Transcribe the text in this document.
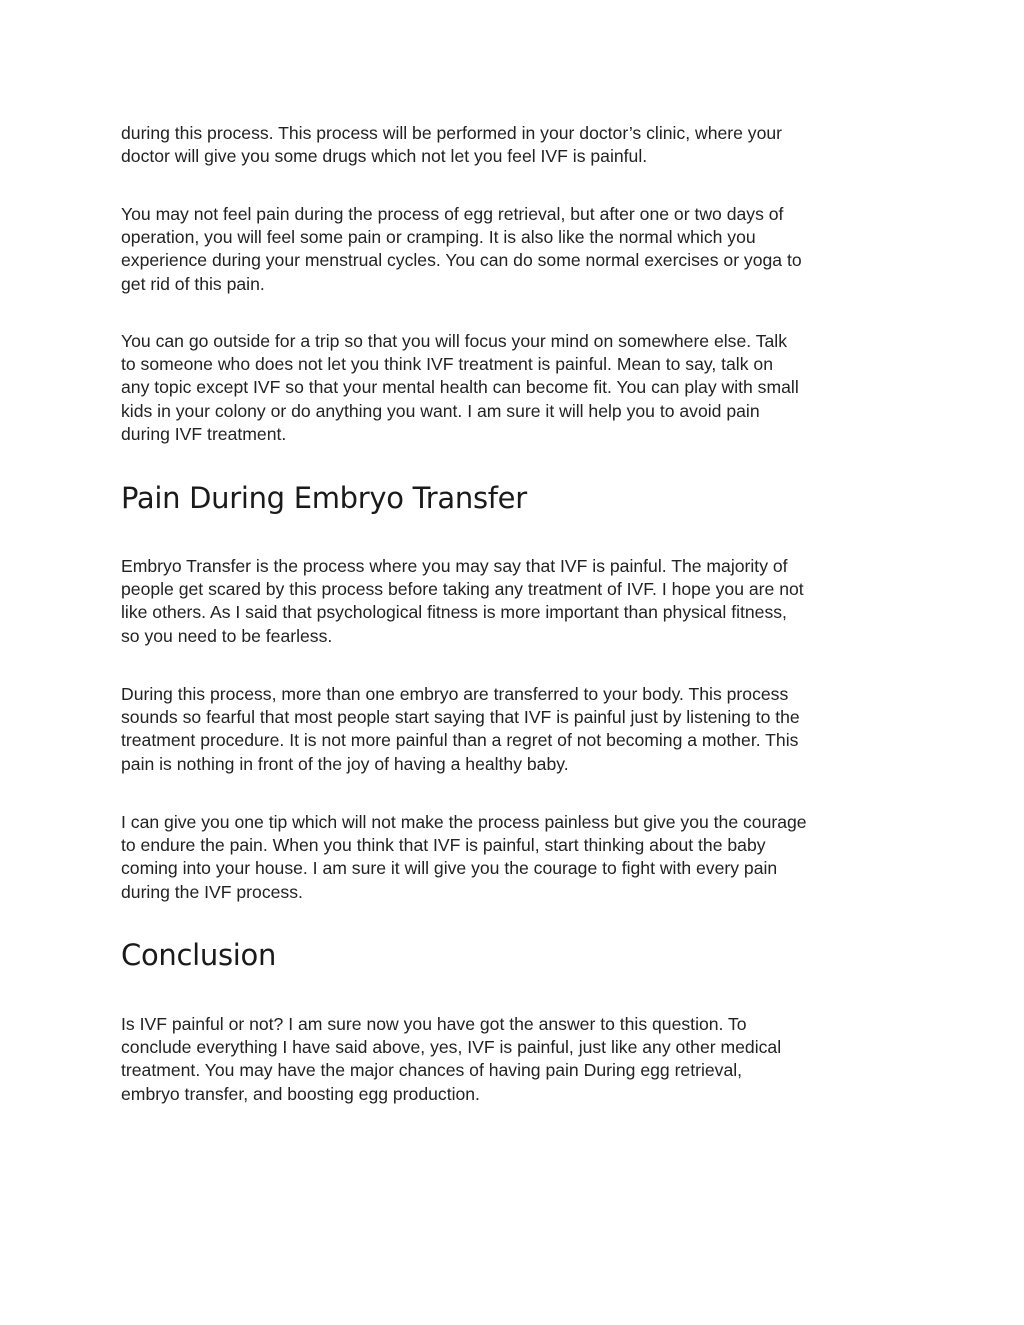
during this process. This process will be performed in your doctor’s clinic, where your
doctor will give you some drugs which not let you feel IVF is painful.

You may not feel pain during the process of egg retrieval, but after one or two days of
operation, you will feel some pain or cramping. It is also like the normal which you
experience during your menstrual cycles. You can do some normal exercises or yoga to
get rid of this pain.

You can go outside for a trip so that you will focus your mind on somewhere else. Talk
to someone who does not let you think IVF treatment is painful. Mean to say, talk on
any topic except IVF so that your mental health can become fit. You can play with small
kids in your colony or do anything you want. I am sure it will help you to avoid pain
during IVF treatment.

Pain During Embryo Transfer

Embryo Transfer is the process where you may say that IVF is painful. The majority of
people get scared by this process before taking any treatment of IVF. I hope you are not
like others. As I said that psychological fitness is more important than physical fitness,
so you need to be fearless.

During this process, more than one embryo are transferred to your body. This process
sounds so fearful that most people start saying that IVF is painful just by listening to the
treatment procedure. It is not more painful than a regret of not becoming a mother. This
pain is nothing in front of the joy of having a healthy baby.

I can give you one tip which will not make the process painless but give you the courage
to endure the pain. When you think that IVF is painful, start thinking about the baby
coming into your house. I am sure it will give you the courage to fight with every pain
during the IVF process.

Conclusion

Is IVF painful or not? I am sure now you have got the answer to this question. To
conclude everything I have said above, yes, IVF is painful, just like any other medical
treatment. You may have the major chances of having pain During egg retrieval,
embryo transfer, and boosting egg production.
